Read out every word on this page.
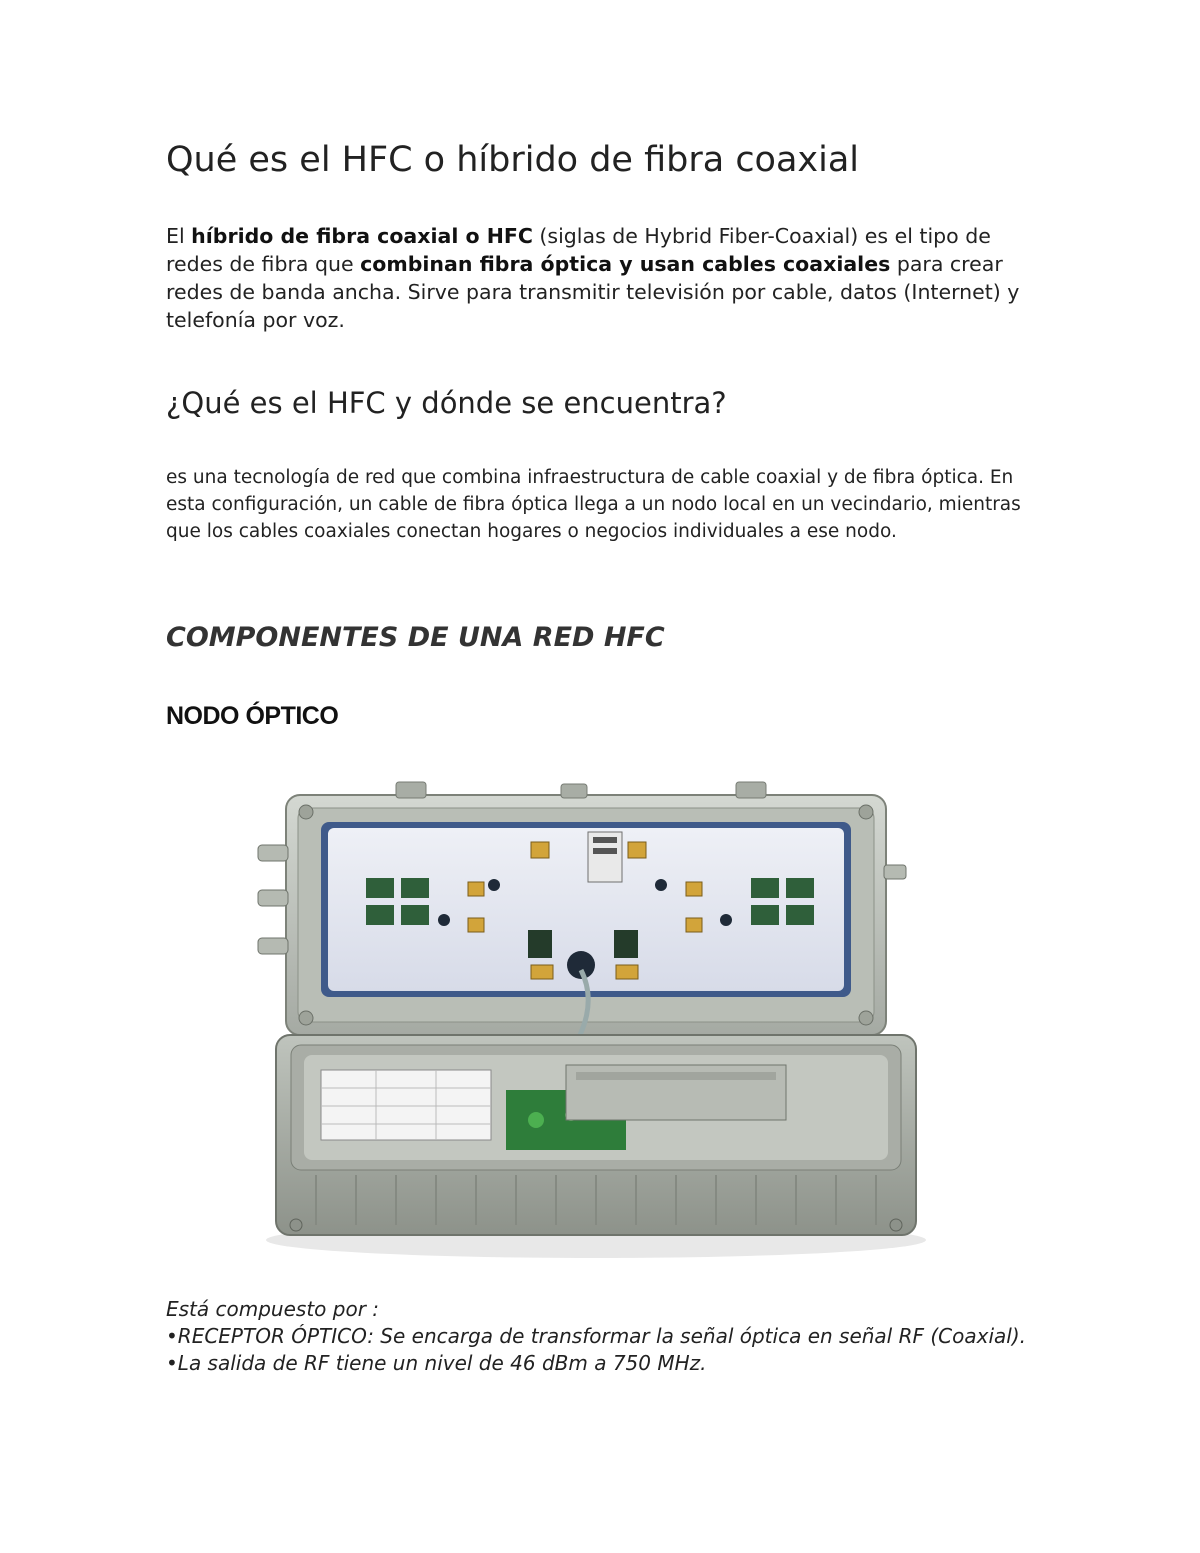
Qué es el HFC o híbrido de fibra coaxial

El híbrido de fibra coaxial o HFC (siglas de Hybrid Fiber-Coaxial) es el tipo de redes de fibra que combinan fibra óptica y usan cables coaxiales para crear redes de banda ancha. Sirve para transmitir televisión por cable, datos (Internet) y telefonía por voz.

¿Qué es el HFC y dónde se encuentra?

es una tecnología de red que combina infraestructura de cable coaxial y de fibra óptica. En esta configuración, un cable de fibra óptica llega a un nodo local en un vecindario, mientras que los cables coaxiales conectan hogares o negocios individuales a ese nodo.

COMPONENTES DE UNA RED HFC
NODO ÓPTICO

Está compuesto por :
•RECEPTOR ÓPTICO: Se encarga de transformar la señal óptica en señal RF (Coaxial).
•La salida de RF tiene un nivel de 46 dBm a 750 MHz.
